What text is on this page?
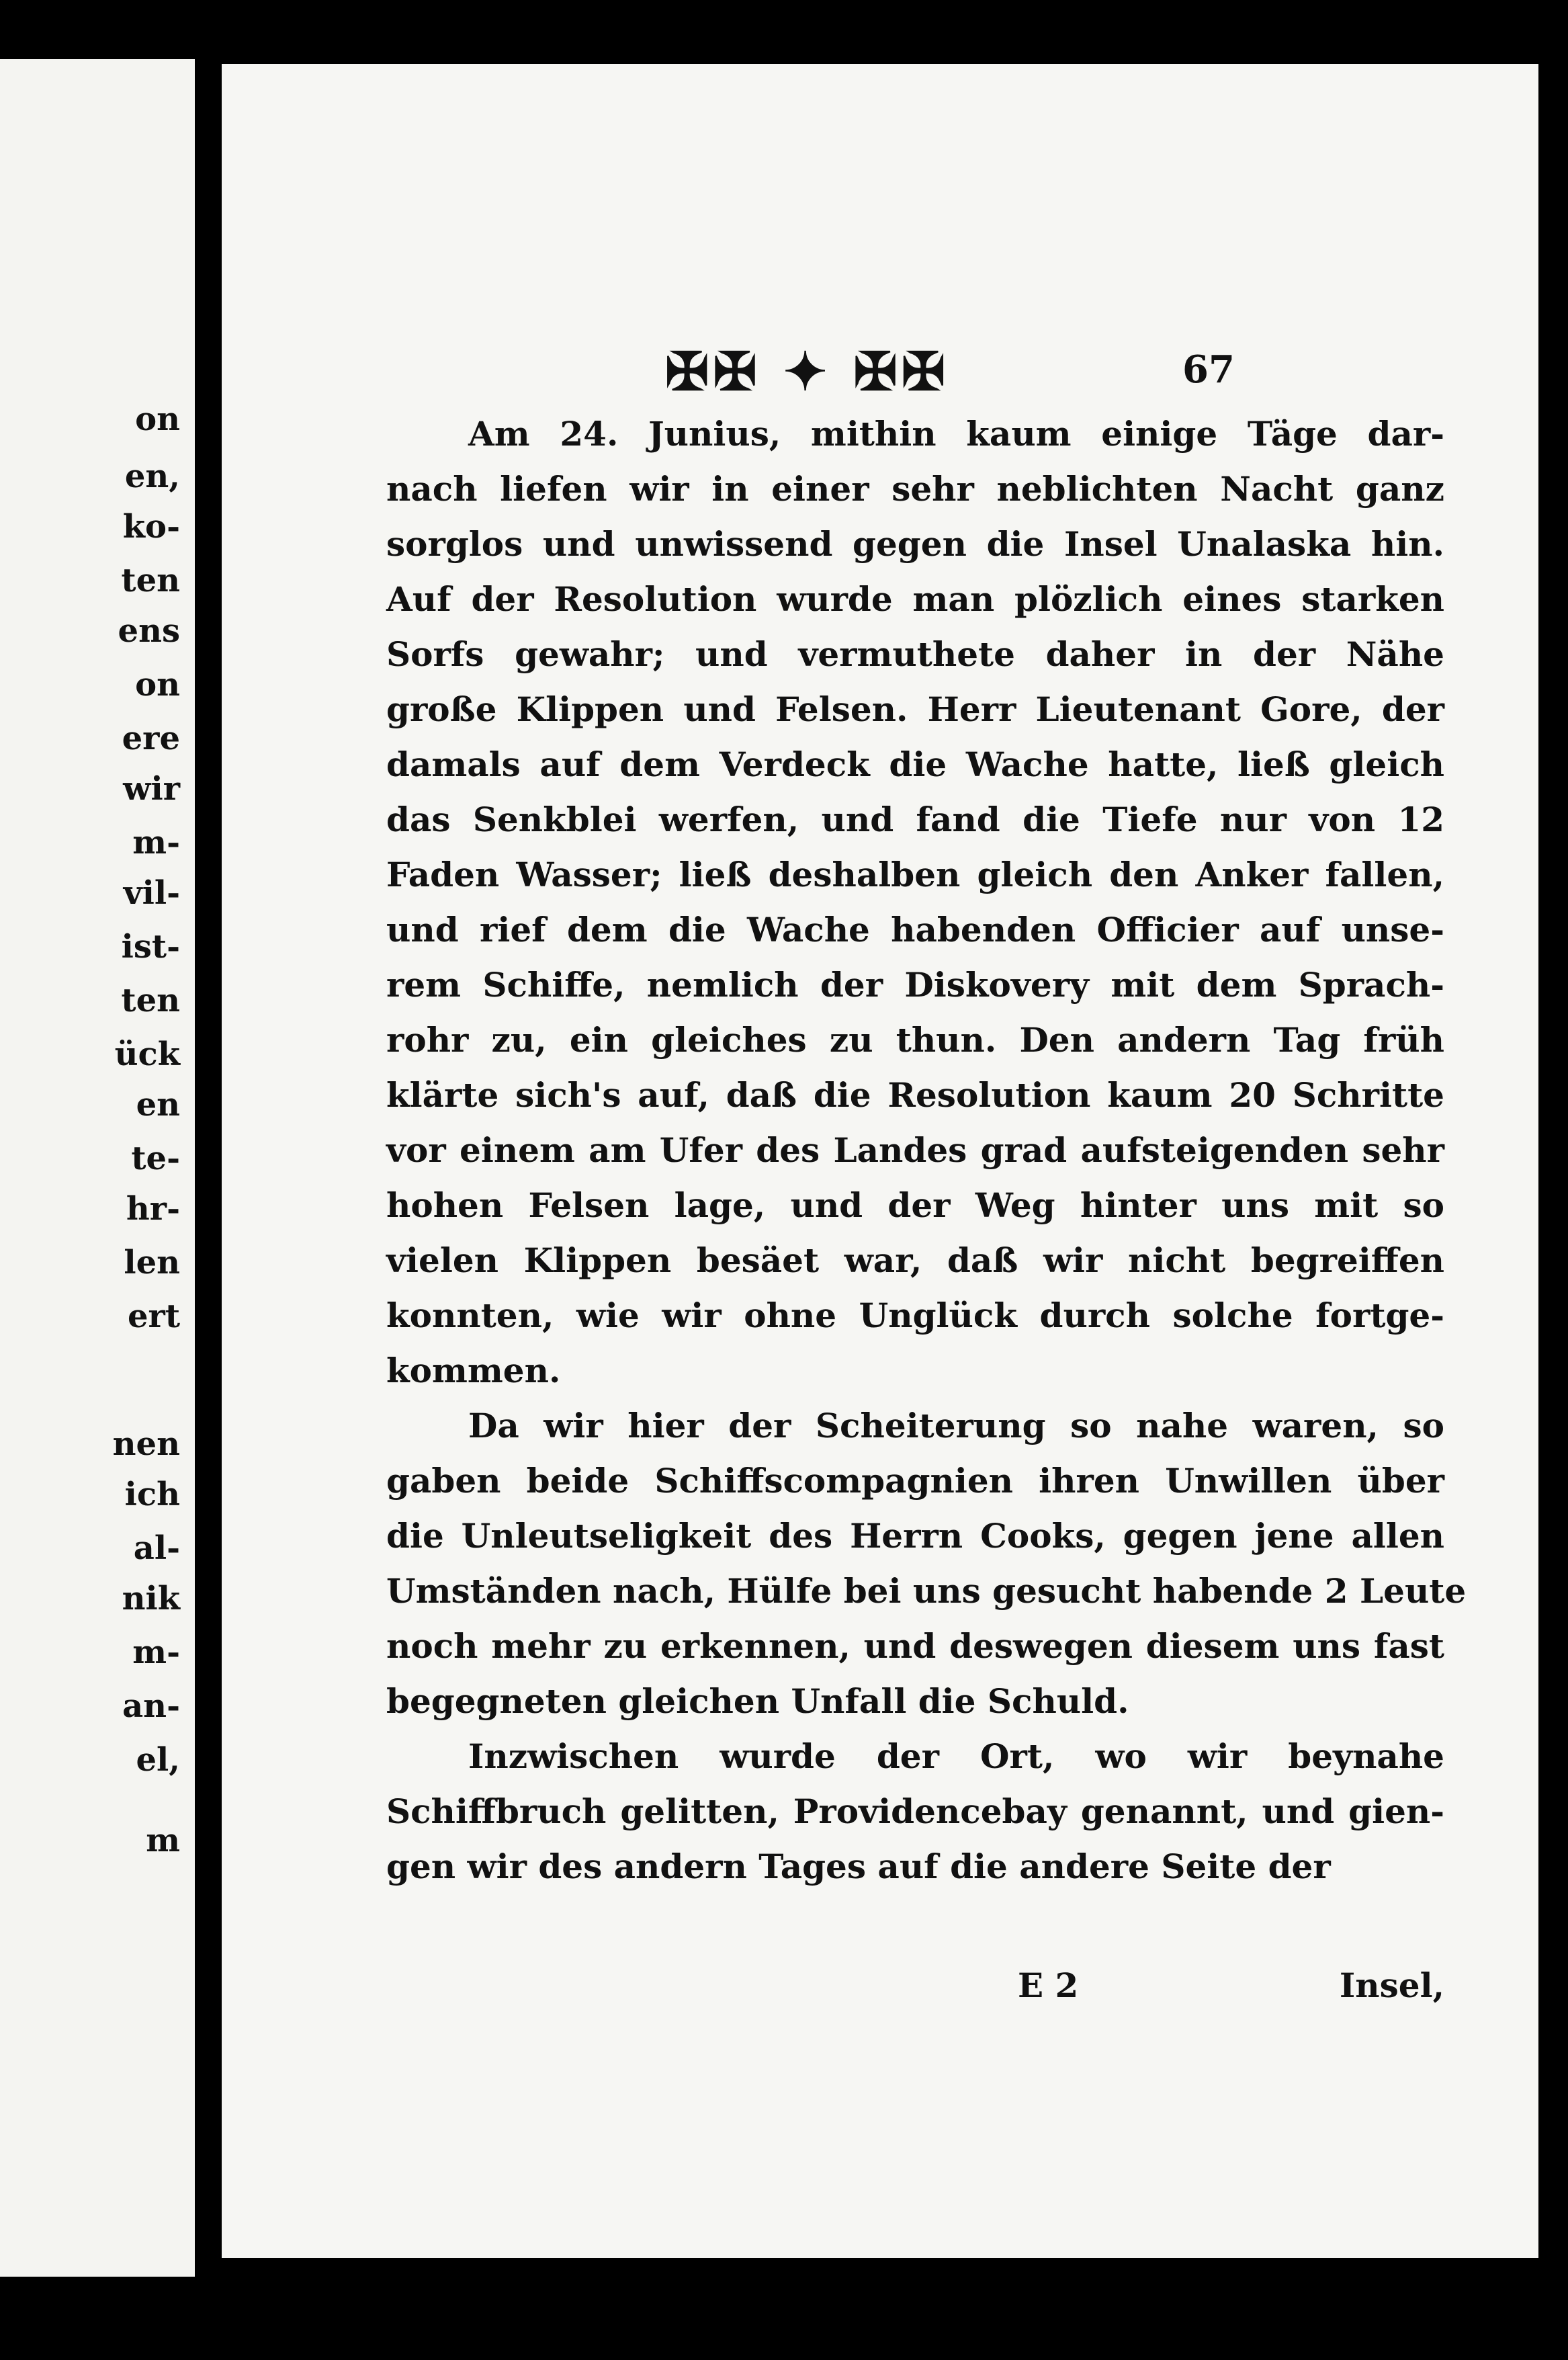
on
en,
ko-
ten
ens
on
ere
wir
m-
vil-
ist-
ten
ück
en
te-
hr-
len
ert
nen
ich
al-
nik
m-
an-
el,
m
✠✠ ✦ ✠✠	67

Am 24. Junius, mithin kaum einige Täge dar-
nach liefen wir in einer sehr neblichten Nacht ganz
sorglos und unwissend gegen die Insel Unalaska hin.
Auf der Resolution wurde man plözlich eines starken
Sorfs gewahr; und vermuthete daher in der Nähe
große Klippen und Felsen. Herr Lieutenant Gore, der
damals auf dem Verdeck die Wache hatte, ließ gleich
das Senkblei werfen, und fand die Tiefe nur von 12
Faden Wasser; ließ deshalben gleich den Anker fallen,
und rief dem die Wache habenden Officier auf unse-
rem Schiffe, nemlich der Diskovery mit dem Sprach-
rohr zu, ein gleiches zu thun. Den andern Tag früh
klärte sich's auf, daß die Resolution kaum 20 Schritte
vor einem am Ufer des Landes grad aufsteigenden sehr
hohen Felsen lage, und der Weg hinter uns mit so
vielen Klippen besäet war, daß wir nicht begreiffen
konnten, wie wir ohne Unglück durch solche fortge-
kommen.

Da wir hier der Scheiterung so nahe waren, so
gaben beide Schiffscompagnien ihren Unwillen über
die Unleutseligkeit des Herrn Cooks, gegen jene allen
Umständen nach, Hülfe bei uns gesucht habende 2 Leute
noch mehr zu erkennen, und deswegen diesem uns fast
begegneten gleichen Unfall die Schuld.

Inzwischen wurde der Ort, wo wir beynahe
Schiffbruch gelitten, Providencebay genannt, und gien-
gen wir des andern Tages auf die andere Seite der

E 2	Insel,
